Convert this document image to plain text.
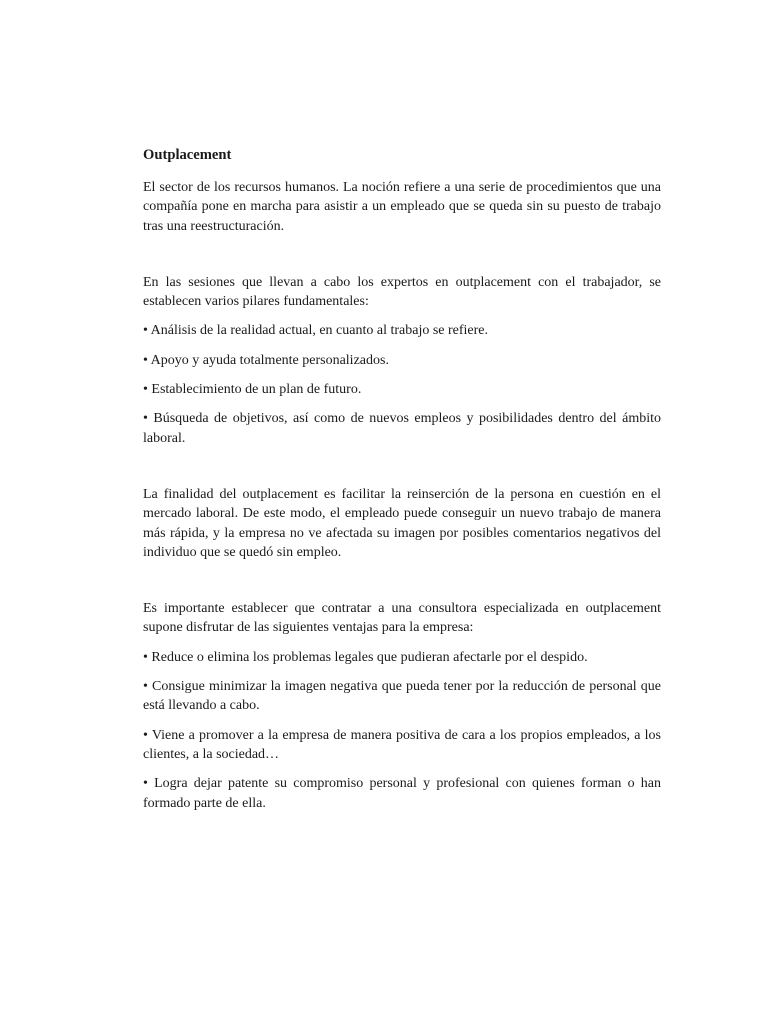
Outplacement

El sector de los recursos humanos. La noción refiere a una serie de procedimientos que una compañía pone en marcha para asistir a un empleado que se queda sin su puesto de trabajo tras una reestructuración.

En las sesiones que llevan a cabo los expertos en outplacement con el trabajador, se establecen varios pilares fundamentales:

• Análisis de la realidad actual, en cuanto al trabajo se refiere.

• Apoyo y ayuda totalmente personalizados.

• Establecimiento de un plan de futuro.

• Búsqueda de objetivos, así como de nuevos empleos y posibilidades dentro del ámbito laboral.

La finalidad del outplacement es facilitar la reinserción de la persona en cuestión en el mercado laboral. De este modo, el empleado puede conseguir un nuevo trabajo de manera más rápida, y la empresa no ve afectada su imagen por posibles comentarios negativos del individuo que se quedó sin empleo.

Es importante establecer que contratar a una consultora especializada en outplacement supone disfrutar de las siguientes ventajas para la empresa:

• Reduce o elimina los problemas legales que pudieran afectarle por el despido.

• Consigue minimizar la imagen negativa que pueda tener por la reducción de personal que está llevando a cabo.

• Viene a promover a la empresa de manera positiva de cara a los propios empleados, a los clientes, a la sociedad…

• Logra dejar patente su compromiso personal y profesional con quienes forman o han formado parte de ella.
